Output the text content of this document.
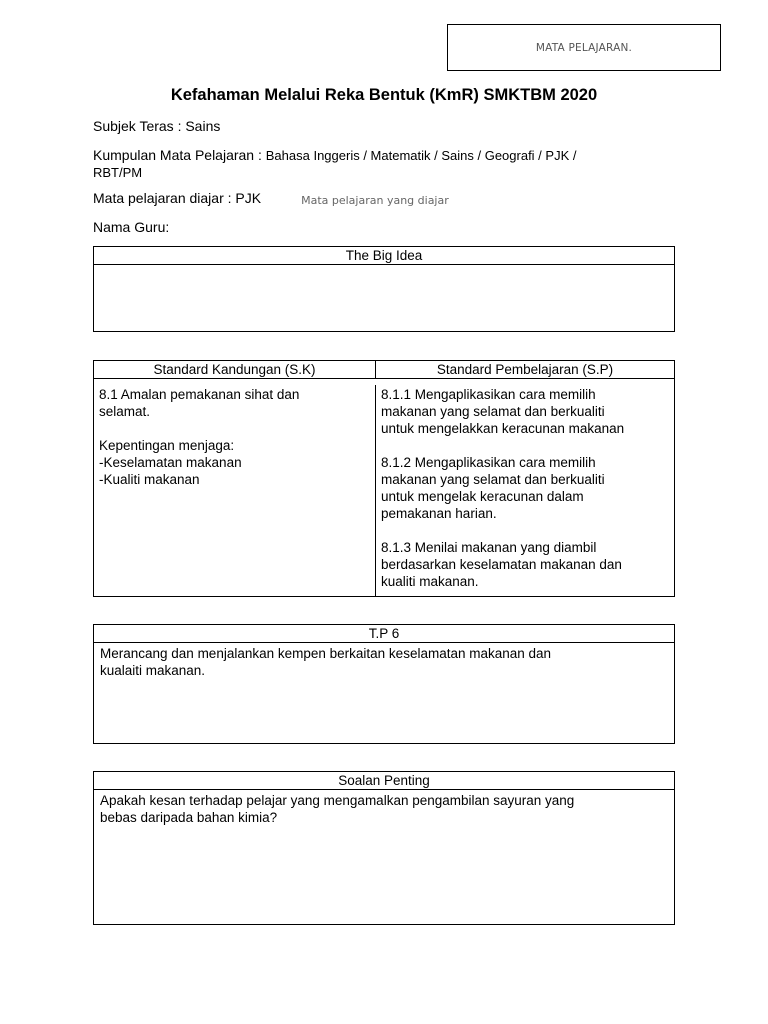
MATA PELAJARAN.
Kefahaman Melalui Reka Bentuk (KmR) SMKTBM 2020
Subjek Teras : Sains
Kumpulan Mata Pelajaran : Bahasa Inggeris / Matematik / Sains / Geografi / PJK /
RBT/PM
Mata pelajaran diajar : PJK	Mata pelajaran yang diajar
Nama Guru:
The Big Idea
Standard Kandungan (S.K)	Standard Pembelajaran (S.P)
8.1 Amalan pemakanan sihat dan
selamat.

Kepentingan menjaga:
-Keselamatan makanan
-Kualiti makanan
8.1.1 Mengaplikasikan cara memilih
makanan yang selamat dan berkualiti
untuk mengelakkan keracunan makanan

8.1.2 Mengaplikasikan cara memilih
makanan yang selamat dan berkualiti
untuk mengelak keracunan dalam
pemakanan harian.

8.1.3 Menilai makanan yang diambil
berdasarkan keselamatan makanan dan
kualiti makanan.
T.P 6
Merancang dan menjalankan kempen berkaitan keselamatan makanan dan
kualaiti makanan.
Soalan Penting
Apakah kesan terhadap pelajar yang mengamalkan pengambilan sayuran yang
bebas daripada bahan kimia?
